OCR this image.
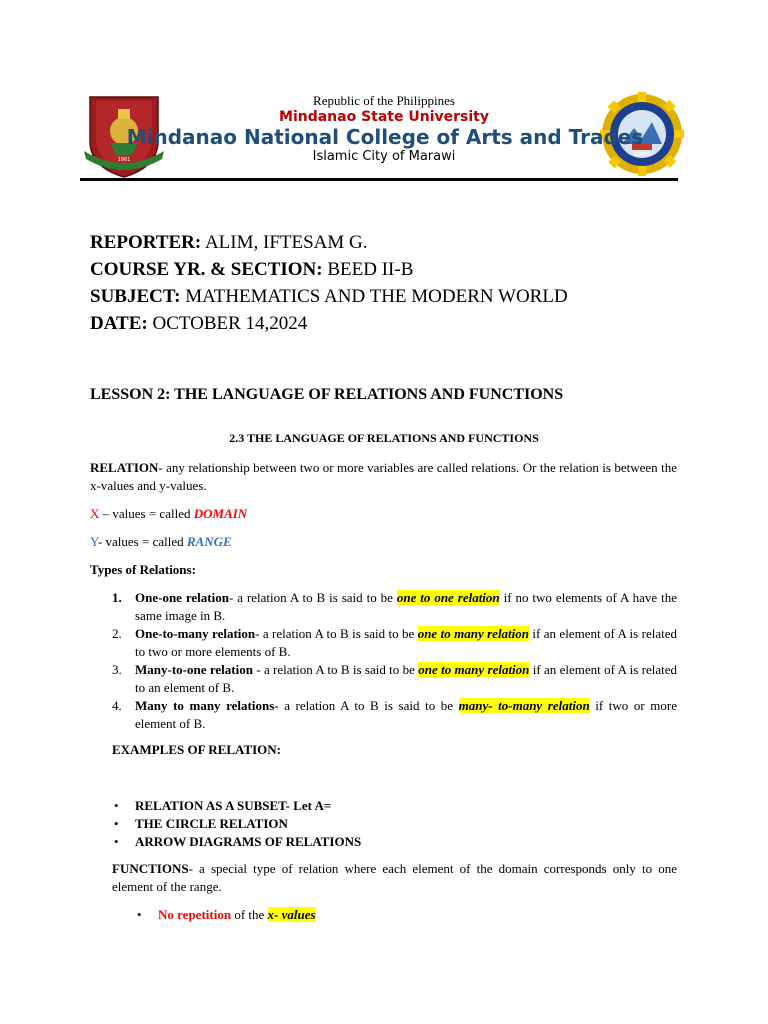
1961
1990
Republic of the Philippines
Mindanao State University
Mindanao National College of Arts and Trades
Islamic City of Marawi
REPORTER: ALIM, IFTESAM G.
COURSE YR. & SECTION: BEED II-B
SUBJECT: MATHEMATICS AND THE MODERN WORLD
DATE: OCTOBER 14,2024
LESSON 2: THE LANGUAGE OF RELATIONS AND FUNCTIONS
2.3 THE LANGUAGE OF RELATIONS AND FUNCTIONS
RELATION- any relationship between two or more variables are called relations. Or the relation is between the x-values and y-values.
X – values = called DOMAIN
Y- values = called RANGE
Types of Relations:
1. One-one relation- a relation A to B is said to be one to one relation if no two elements of A have the same image in B.
2. One-to-many relation- a relation A to B is said to be one to many relation if an element of A is related to two or more elements of B.
3. Many-to-one relation - a relation A to B is said to be one to many relation if an element of A is related to an element of B.
4. Many to many relations- a relation A to B is said to be many- to-many relation if two or more element of B.
EXAMPLES OF RELATION:
• RELATION AS A SUBSET- Let A=
• THE CIRCLE RELATION
• ARROW DIAGRAMS OF RELATIONS
FUNCTIONS- a special type of relation where each element of the domain corresponds only to one element of the range.
• No repetition of the x- values
